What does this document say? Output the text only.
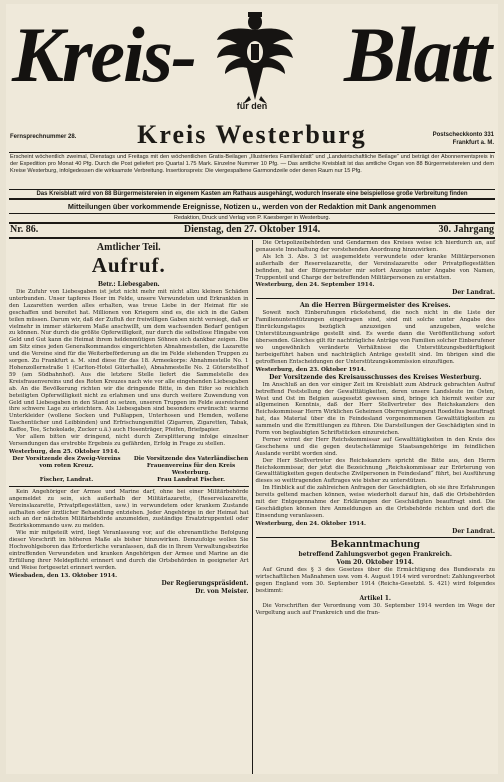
Kreis- Blatt
für den
Fernsprechnummer 28.	Kreis Westerburg	Postscheckkonto 331
Frankfurt a. M.
Erscheint wöchentlich zweimal, Dienstags und Freitags mit den wöchentlichen Gratis-Beilagen „Illustriertes Familienblatt“ und „Landwirtschaftliche Beilage“ und beträgt der Abonnementspreis in der Expedition pro Monat 40 Pfg. Durch die Post geliefert pro Quartal 1.75 Mark. Einzelne Nummer 10 Pfg. — Das amtliche Kreisblatt ist das amtliche Organ von 88 Bürgermeistereien und dem Kreise Westerburg, infolgedessen die wirksamste Verbreitung. Insertionspreis: Die viergespaltene Garmondzeile oder deren Raum nur 15 Pfg.
Das Kreisblatt wird von 88 Bürgermeistereien in eigenem Kasten am Rathaus ausgehängt, wodurch Inserate eine beispiellose große Verbreitung finden
Mitteilungen über vorkommende Ereignisse, Notizen u., werden von der Redaktion mit Dank angenommen
Redaktion, Druck und Verlag von P. Kaesberger in Westerburg.
Nr. 86.	Dienstag, den 27. Oktober 1914.	30. Jahrgang
Amtlicher Teil.
Aufruf.
Betr.: Liebesgaben.

Die Zufuhr von Liebesgaben ist jetzt nicht mehr mit nicht allzu kleinen Schäden unterbunden. Unser tapferes Heer im Felde, unsere Verwundeten und Erkrankten in den Lazaretten werden alles erhalten, was treue Liebe in der Heimat für sie geschaffen und bereitet hat. Millionen von Kriegern sind es, die sich in die Gaben teilen müssen. Darum wir, daß der Zufluß der freiwilligen Gaben nicht versiegt, daß er vielmehr in immer stärkerem Maße anschwillt, um dem wachsenden Bedarf genügen zu können. Nur durch die größte Opferwilligkeit, nur durch die selbstlose Hingabe von Geld und Gut kann die Heimat ihrem heldenmütigen Söhnen sich dankbar zeigen. Die am Sitz eines jeden Generalkommandos eingerichteten Abnahmestellen, die Lazarette und die Vereine sind für die Weiterbeförderung an die im Felde stehenden Truppen zu sorgen. Zu Frankfurt a. M. sind diese für das 18. Armeekorps: Abnahmestelle No. 1 Hohenzollernstraße 1 (Carlton-Hotel Güterhalle), Abnahmestelle No. 2 Güterstellhof 59 (am Südbahnhof). Aus die letztere Stelle liefert die Sammelstelle des Kreisfrauenvereins und des Roten Kreuzes nach wie vor alle eingehenden Liebesgaben ab. An die Bevölkerung richten wir die dringende Bitte, in den Eifer so reichlich beteiligten Opferwilligkeit nicht zu erlahmen und uns durch weitere Zuwendung von Geld und Liebesgaben in den Stand zu setzen, unseren Truppen im Felde ausreichend ihre schwere Lage zu erleichtern. Als Liebesgaben sind besonders erwünscht: warme Unterkleider (wollene Socken und Fußlappen, Unterhosen und Hemden, wollene Taschentücher und Leibbinden) und Erfrischungsmittel (Zigarren, Zigaretten, Tabak, Kaffee, Tee, Schokolade, Zucker u.ä.) auch Hosenträger, Pfeifen, Briefpapier.

Vor allem bitten wir dringend, nicht durch Zersplitterung infolge einzelner Versendungen das erstrebte Ergebnis zu gefährden, Erfolg in Frage zu stellen.

Westerburg, den 25. Oktober 1914.
Der Vorsitzende des Zweig-Vereins vom roten Kreuz.
Die Vorsitzende des Vaterländischen Frauenvereins für den Kreis Westerburg.
Fischer, Landrat.	Frau Landrat Fischer.

Kein Angehöriger der Armee und Marine darf, ohne bei einer Militärbehörde angemeldet zu sein, sich außerhalb der Militärlazarette, (Reservelazarette, Vereinslazarette, Privatpflegestätten, usw.) in verwundetem oder krankem Zustande aufhalten oder ärztlicher Behandlung entziehen. Jeder Angehörige in der Heimat hat sich an der nächsten Militärbehörde anzumelden, zuständige Ersatztruppenteil oder Bezirkskommando usw. zu melden.

Wie mir mitgeteilt wird, liegt Veranlassung vor, auf die ehrenamtliche Befolgung dieser Vorschrift im höheren Maße als bisher hinzuwirken. Demzufolge wollen Sie Hochwohlgeboren das Erforderliche veranlassen, daß die in Ihrem Verwaltungsbezirke eintreffenden Verwundeten und kranken Angehörigen der Armee und Marine an die Erfüllung ihrer Meldepflicht erinnert und durch die Ortsbehörden in geeigneter Art und Weise fortgesetzt erinnert werden.

Wiesbaden, den 13. Oktober 1914.
Der Regierungspräsident.
Dr. von Meister.

Die Ortspolizeibehörden und Gendarmen des Kreises weise ich hierdurch an, auf genaueste Innehaltung der vorstehenden Anordnung hinzuwirken.

Als Ich 3. Abs. 3 ist ausgemeldete verwundete oder kranke Militärpersonen außerhalb der Reservelazarette, der Vereinslazarette oder Privatpflegestätten befinden, hat der Bürgermeister mir sofort Anzeige unter Angabe von Namen, Truppenteil und Charge der betreffenden Militärpersonen zu erstatten.

Westerburg, den 24. September 1914.
Der Landrat.
An die Herren Bürgermeister des Kreises.

Soweit noch Einberufungen rückstehend, die noch nicht in die Liste der Familienunterstützungen eingetragen sind, sind mit solche unter Angabe des Einrückungstages bezüglich anzuzeigen und anzugeben, welche Unterstützungsanträge gestellt sind. Es werde dann die Veröffentlichung sofort übersenden. Gleiches gilt für nachträgliche Anträge von Familien solcher Einberufener wo ungewöhnlich veränderte Verhältnisse die Unterstützungsbedürftigkeit herbeigeführt haben und nachträglich Anträge gestellt sind. Im übrigen sind die getroffenen Entscheidungen der Unterstützungskommission einzufügen.

Westerburg, den 23. Oktober 1914.
Der Vorsitzende des Kreisausschusses des Kreises Westerburg.

Im Anschluß an den vor einiger Zeit im Kreisblatt zum Abdruck gebrachten Aufruf betreffend Feststellung der Gewalttätigkeiten, deren unsere Landsleute im Osten, West und Ost im Belgien ausgesetzt gewesen sind, bringe ich hiermit weiter zur allgemeinen Kenntnis, daß der Herr Stellvertreter des Reichskanzlers den Reichskommissar Herrn Wirklichen Geheimen Oberregierungsrat Roedelius beauftragt hat, das Material über die in Feindesland vorgenommenen Gewalttätigkeiten zu sammeln und die Ermittlungen zu führen. Die Darstellungen der Geschädigten sind in Form von beglaubigten Schriftstücken einzureichen.

Ferner wirmt der Herr Reichskommissar auf Gewalttätigkeiten in den Kreis des Geschehens und die gegen deutschstämmige Staatsangehörige im feindlichen Auslande verübt worden sind.

Der Herr Stellvertreter des Reichskanzlers spricht die Bitte aus, den Herrn Reichskommissar, der jetzt die Bezeichnung „Reichskommissar zur Erörterung von Gewalttätigkeiten gegen deutsche Zivilpersonen in Feindesland“ führt, bei Ausführung dieses so weittragenden Auftrages wie bisher zu unterstützen.

Im Hinblick auf die zahlreichen Anfragen der Geschädigten, ob sie ihre Erfahrungen bereits geltend machen können, weise wiederholt darauf hin, daß die Ortsbehörden mit der Entgegennahme der Erklärungen der Geschädigten beauftragt sind. Die Geschädigten können ihre Anmeldungen an die Ortsbehörde richten und dort die Einsendung veranlassen.

Westerburg, den 24. Oktober 1914.
Der Landrat.
Bekanntmachung
betreffend Zahlungsverbot gegen Frankreich.
Vom 20. Oktober 1914.

Auf Grund des § 3 des Gesetzes über die Ermächtigung des Bundesrats zu wirtschaftlichen Maßnahmen usw. vom 4. August 1914 wird verordnet: Zahlungsverbot gegen England vom 30. September 1914 (Reichs-Gesetzbl. S. 421) wird folgendes bestimmt:

Artikel 1.

Die Vorschriften der Verordnung vom 30. September 1914 werden im Wege der Vergeltung auch auf Frankreich und die fran-
